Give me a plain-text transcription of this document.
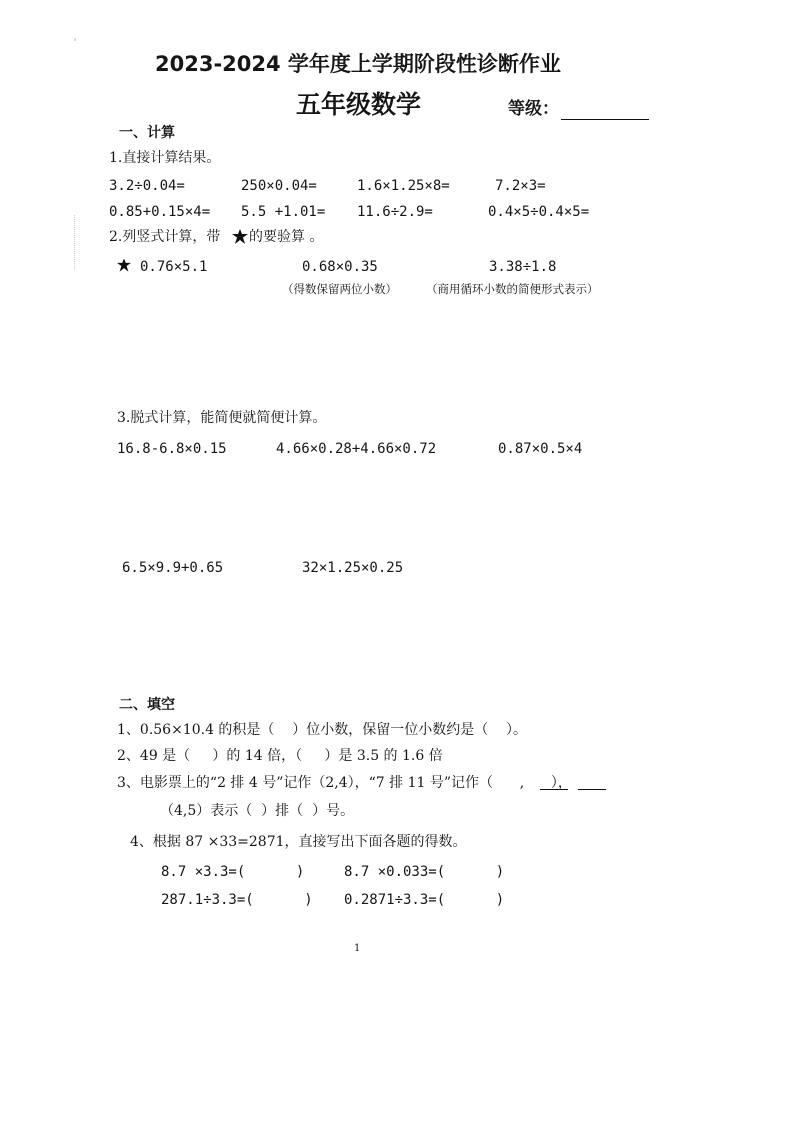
2023-2024 学年度上学期阶段性诊断作业
五年级数学	等级：
一、计算
1.直接计算结果。
3.2÷0.04=	250×0.04=	1.6×1.25×8=	7.2×3=
0.85+0.15×4= 5.5 +1.01= 11.6÷2.9=	0.4×5÷0.4×5=
2.列竖式计算，带 的要验算 。
0.76×5.1	0.68×0.35	3.38÷1.8
（得数保留两位小数）	（商用循环小数的简便形式表示）
3.脱式计算，能简便就简便计算。
16.8-6.8×0.15	4.66×0.28+4.66×0.72	0.87×0.5×4
6.5×9.9+0.65	32×1.25×0.25
二、填空
1、0.56×10.4 的积是（    ）位小数，保留一位小数约是（    ）。
2、49 是（     ）的 14 倍，（     ）是 3.5 的 1.6 倍
3、电影票上的“2 排 4 号”记作（2,4），“7 排 11 号”记作（      ,      ），
（4,5）表示（  ）排（  ）号。
4、根据 87 ×33=2871，直接写出下面各题的得数。
8.7 ×3.3=(      )	8.7 ×0.033=(      )
287.1÷3.3=(      ) 0.2871÷3.3=(      )
1
